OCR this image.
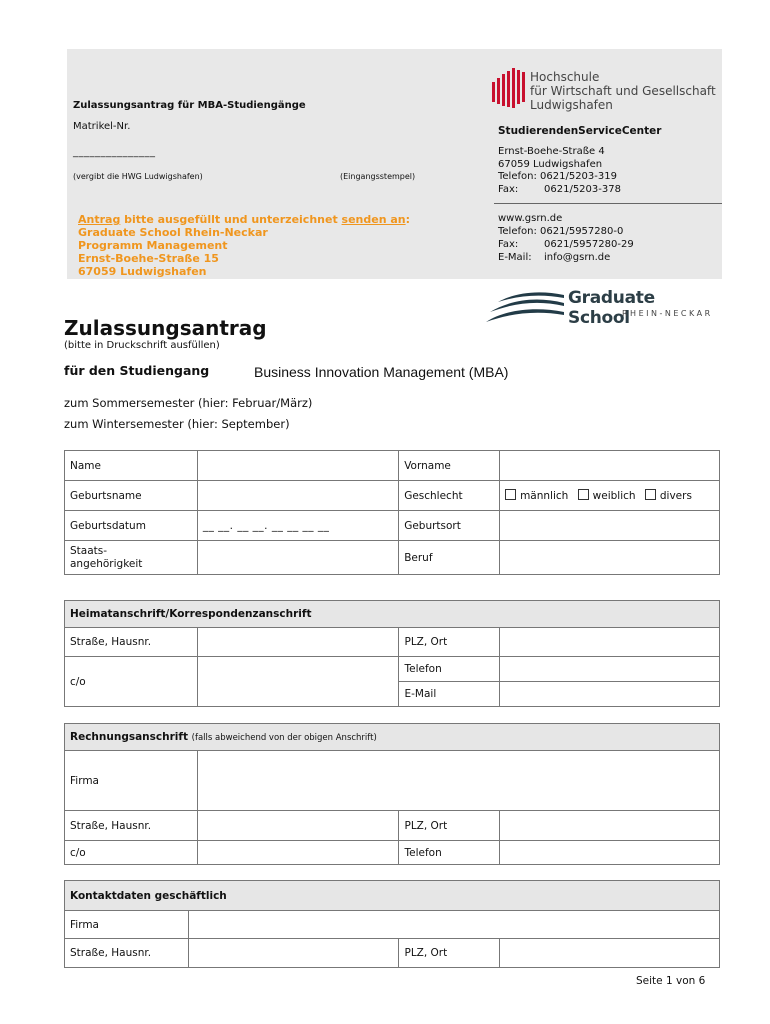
Zulassungsantrag für MBA-Studiengänge
Matrikel-Nr.
_______________
(vergibt die HWG Ludwigshafen)	(Eingangsstempel)
Antrag bitte ausgefüllt und unterzeichnet senden an:
Graduate School Rhein-Neckar
Programm Management
Ernst-Boehe-Straße 15
67059 Ludwigshafen
Hochschule
für Wirtschaft und Gesellschaft
Ludwigshafen
StudierendenServiceCenter
Ernst-Boehe-Straße 4
67059 Ludwigshafen
Telefon: 0621/5203-319
Fax:	0621/5203-378
www.gsrn.de
Telefon: 0621/5957280-0
Fax:	0621/5957280-29
E-Mail: info@gsrn.de
Graduate School
RHEIN-NECKAR
Zulassungsantrag
(bitte in Druckschrift ausfüllen)
für den Studiengang	Business Innovation Management (MBA)
zum Sommersemester (hier: Februar/März)
zum Wintersemester (hier: September)
Name		Vorname	
Geburtsname		Geschlecht	männlich weiblich divers
Geburtsdatum	__ __. __ __. __ __ __ __	Geburtsort	

Staats-
angehörigkeit		Beruf	
Heimatanschrift/Korrespondenzanschrift			
Straße, Hausnr.		PLZ, Ort	
c/o		Telefon	
		E-Mail	
Rechnungsanschrift (falls abweichend von der obigen Anschrift)			
Firma			
Straße, Hausnr.		PLZ, Ort	
c/o		Telefon	
Kontaktdaten geschäftlich			
Firma			
Straße, Hausnr.		PLZ, Ort	
Seite 1 von 6
